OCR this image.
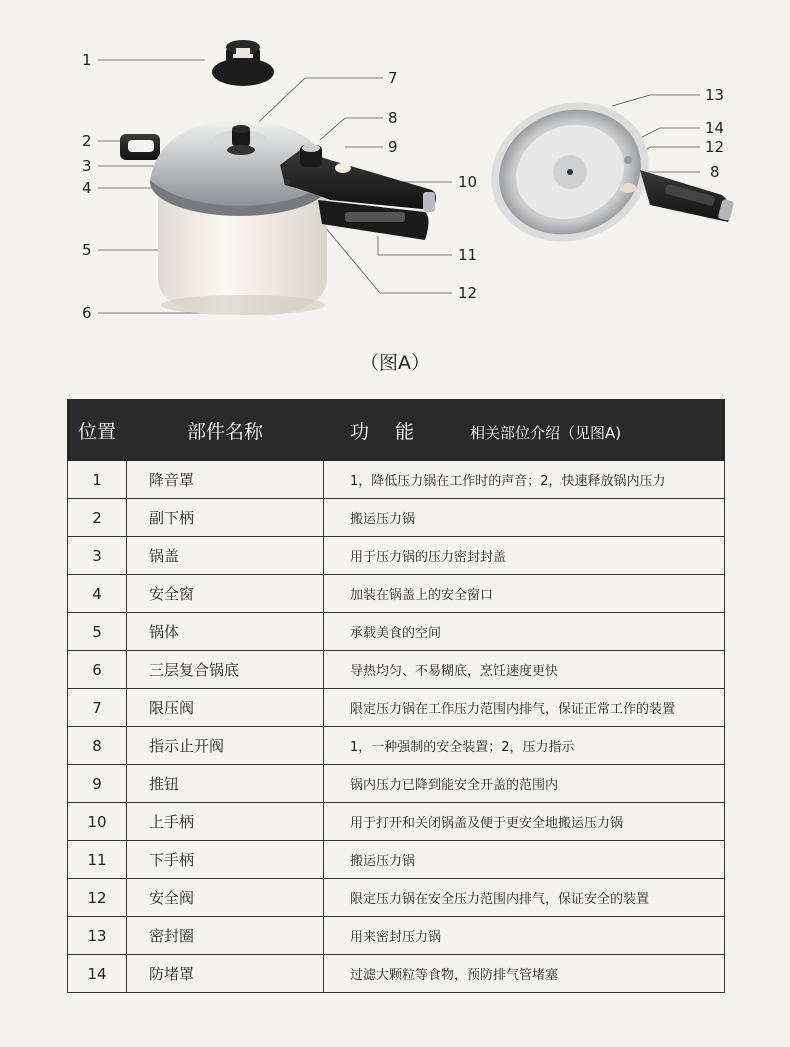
1
2
3
4
5
6
7
8
9
10
11
12
13
14
12
8
（图A）
位置	部件名称	功能 相关部位介绍（见图A)
1	降音罩	1，降低压力锅在工作时的声音；2，快速释放锅内压力
2	副下柄	搬运压力锅
3	锅盖	用于压力锅的压力密封封盖
4	安全窗	加装在锅盖上的安全窗口
5	锅体	承载美食的空间
6	三层复合锅底	导热均匀、不易糊底，烹饪速度更快
7	限压阀	限定压力锅在工作压力范围内排气，保证正常工作的装置
8	指示止开阀	1，一种强制的安全装置；2，压力指示
9	推钮	锅内压力已降到能安全开盖的范围内
10	上手柄	用于打开和关闭锅盖及便于更安全地搬运压力锅
11	下手柄	搬运压力锅
12	安全阀	限定压力锅在安全压力范围内排气，保证安全的装置
13	密封圈	用来密封压力锅
14	防堵罩	过滤大颗粒等食物，预防排气管堵塞
